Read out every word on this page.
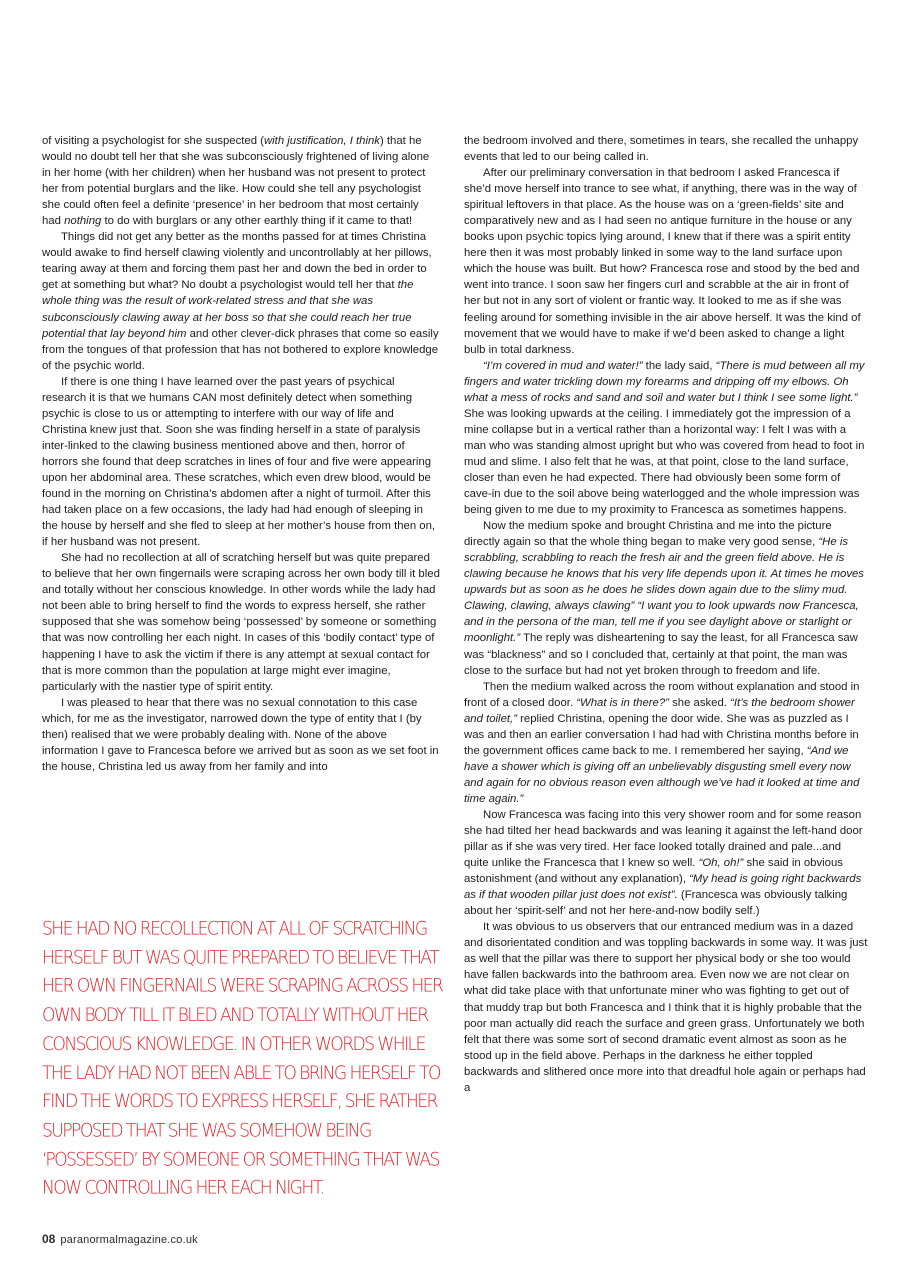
of visiting a psychologist for she suspected (with justification, I think) that he would no doubt tell her that she was subconsciously frightened of living alone in her home (with her children) when her husband was not present to protect her from potential burglars and the like. How could she tell any psychologist she could often feel a definite ‘presence’ in her bedroom that most certainly had nothing to do with burglars or any other earthly thing if it came to that!

Things did not get any better as the months passed for at times Christina would awake to find herself clawing violently and uncontrollably at her pillows, tearing away at them and forcing them past her and down the bed in order to get at something but what? No doubt a psychologist would tell her that the whole thing was the result of work-related stress and that she was subconsciously clawing away at her boss so that she could reach her true potential that lay beyond him and other clever-dick phrases that come so easily from the tongues of that profession that has not bothered to explore knowledge of the psychic world.

If there is one thing I have learned over the past years of psychical research it is that we humans CAN most definitely detect when something psychic is close to us or attempting to interfere with our way of life and Christina knew just that. Soon she was finding herself in a state of paralysis inter-linked to the clawing business mentioned above and then, horror of horrors she found that deep scratches in lines of four and five were appearing upon her abdominal area. These scratches, which even drew blood, would be found in the morning on Christina’s abdomen after a night of turmoil. After this had taken place on a few occasions, the lady had had enough of sleeping in the house by herself and she fled to sleep at her mother’s house from then on, if her husband was not present.

She had no recollection at all of scratching herself but was quite prepared to believe that her own fingernails were scraping across her own body till it bled and totally without her conscious knowledge. In other words while the lady had not been able to bring herself to find the words to express herself, she rather supposed that she was somehow being ‘possessed’ by someone or something that was now controlling her each night. In cases of this ‘bodily contact’ type of happening I have to ask the victim if there is any attempt at sexual contact for that is more common than the population at large might ever imagine, particularly with the nastier type of spirit entity.

I was pleased to hear that there was no sexual connotation to this case which, for me as the investigator, narrowed down the type of entity that I (by then) realised that we were probably dealing with. None of the above information I gave to Francesca before we arrived but as soon as we set foot in the house, Christina led us away from her family and into

the bedroom involved and there, sometimes in tears, she recalled the unhappy events that led to our being called in.

After our preliminary conversation in that bedroom I asked Francesca if she’d move herself into trance to see what, if anything, there was in the way of spiritual leftovers in that place. As the house was on a ‘green-fields’ site and comparatively new and as I had seen no antique furniture in the house or any books upon psychic topics lying around, I knew that if there was a spirit entity here then it was most probably linked in some way to the land surface upon which the house was built. But how? Francesca rose and stood by the bed and went into trance. I soon saw her fingers curl and scrabble at the air in front of her but not in any sort of violent or frantic way. It looked to me as if she was feeling around for something invisible in the air above herself. It was the kind of movement that we would have to make if we’d been asked to change a light bulb in total darkness.

“I’m covered in mud and water!” the lady said, “There is mud between all my fingers and water trickling down my forearms and dripping off my elbows. Oh what a mess of rocks and sand and soil and water but I think I see some light.” She was looking upwards at the ceiling. I immediately got the impression of a mine collapse but in a vertical rather than a horizontal way: I felt I was with a man who was standing almost upright but who was covered from head to foot in mud and slime. I also felt that he was, at that point, close to the land surface, closer than even he had expected. There had obviously been some form of cave-in due to the soil above being waterlogged and the whole impression was being given to me due to my proximity to Francesca as sometimes happens.

Now the medium spoke and brought Christina and me into the picture directly again so that the whole thing began to make very good sense, “He is scrabbling, scrabbling to reach the fresh air and the green field above. He is clawing because he knows that his very life depends upon it. At times he moves upwards but as soon as he does he slides down again due to the slimy mud. Clawing, clawing, always clawing” “I want you to look upwards now Francesca, and in the persona of the man, tell me if you see daylight above or starlight or moonlight.” The reply was disheartening to say the least, for all Francesca saw was “blackness” and so I concluded that, certainly at that point, the man was close to the surface but had not yet broken through to freedom and life.

Then the medium walked across the room without explanation and stood in front of a closed door. “What is in there?” she asked. “It’s the bedroom shower and toilet,” replied Christina, opening the door wide. She was as puzzled as I was and then an earlier conversation I had had with Christina months before in the government offices came back to me. I remembered her saying, “And we have a shower which is giving off an unbelievably disgusting smell every now and again for no obvious reason even although we’ve had it looked at time and time again.”

Now Francesca was facing into this very shower room and for some reason she had tilted her head backwards and was leaning it against the left-hand door pillar as if she was very tired. Her face looked totally drained and pale...and quite unlike the Francesca that I knew so well. “Oh, oh!” she said in obvious astonishment (and without any explanation), “My head is going right backwards as if that wooden pillar just does not exist”. (Francesca was obviously talking about her ‘spirit-self’ and not her here-and-now bodily self.)

It was obvious to us observers that our entranced medium was in a dazed and disorientated condition and was toppling backwards in some way. It was just as well that the pillar was there to support her physical body or she too would have fallen backwards into the bathroom area. Even now we are not clear on what did take place with that unfortunate miner who was fighting to get out of that muddy trap but both Francesca and I think that it is highly probable that the poor man actually did reach the surface and green grass. Unfortunately we both felt that there was some sort of second dramatic event almost as soon as he stood up in the field above. Perhaps in the darkness he either toppled backwards and slithered once more into that dreadful hole again or perhaps had a

SHE HAD NO RECOLLECTION AT ALL OF SCRATCHING HERSELF BUT WAS QUITE PREPARED TO BELIEVE THAT HER OWN FINGERNAILS WERE SCRAPING ACROSS HER OWN BODY TILL IT BLED AND TOTALLY WITHOUT HER CONSCIOUS KNOWLEDGE. IN OTHER WORDS WHILE THE LADY HAD NOT BEEN ABLE TO BRING HERSELF TO FIND THE WORDS TO EXPRESS HERSELF, SHE RATHER SUPPOSED THAT SHE WAS SOMEHOW BEING ‘POSSESSED’ BY SOMEONE OR SOMETHING THAT WAS NOW CONTROLLING HER EACH NIGHT.
08 paranormalmagazine.co.uk
